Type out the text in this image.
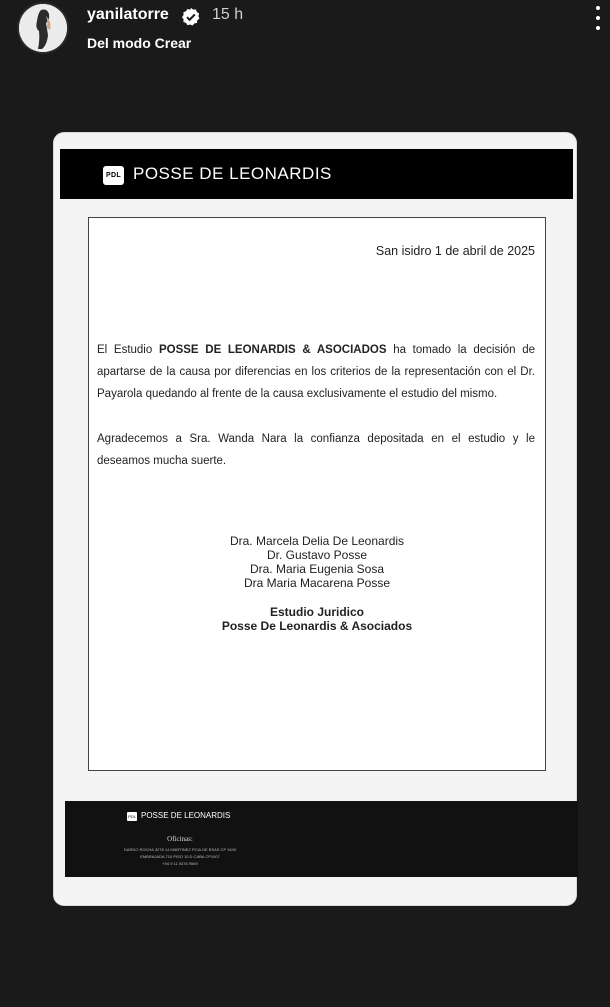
yanilatorre	15 h
Del modo Crear
PDL POSSE DE LEONARDIS
San isidro 1 de abril de 2025
El Estudio POSSE DE LEONARDIS & ASOCIADOS ha tomado la decisión de apartarse de la causa por diferencias en los criterios de la representación con el Dr. Payarola quedando al frente de la causa exclusivamente el estudio del mismo.
Agradecemos a Sra. Wanda Nara la confianza depositada en el estudio y le deseamos mucha suerte.
Dra. Marcela Delia De Leonardis
Dr. Gustavo Posse
Dra. Maria Eugenia Sosa
Dra Maria Macarena Posse
Estudio Juridico
Posse De Leonardis & Asociados
PDL POSSE DE LEONARDIS
Oficinas:
DARDO ROCHA 3278 14 MARTINEZ PCIA DE BSAS CP 1640
EMBRAJADA 710 PISO 10 D CABA CP1007
+54 9 11 5476 9569
